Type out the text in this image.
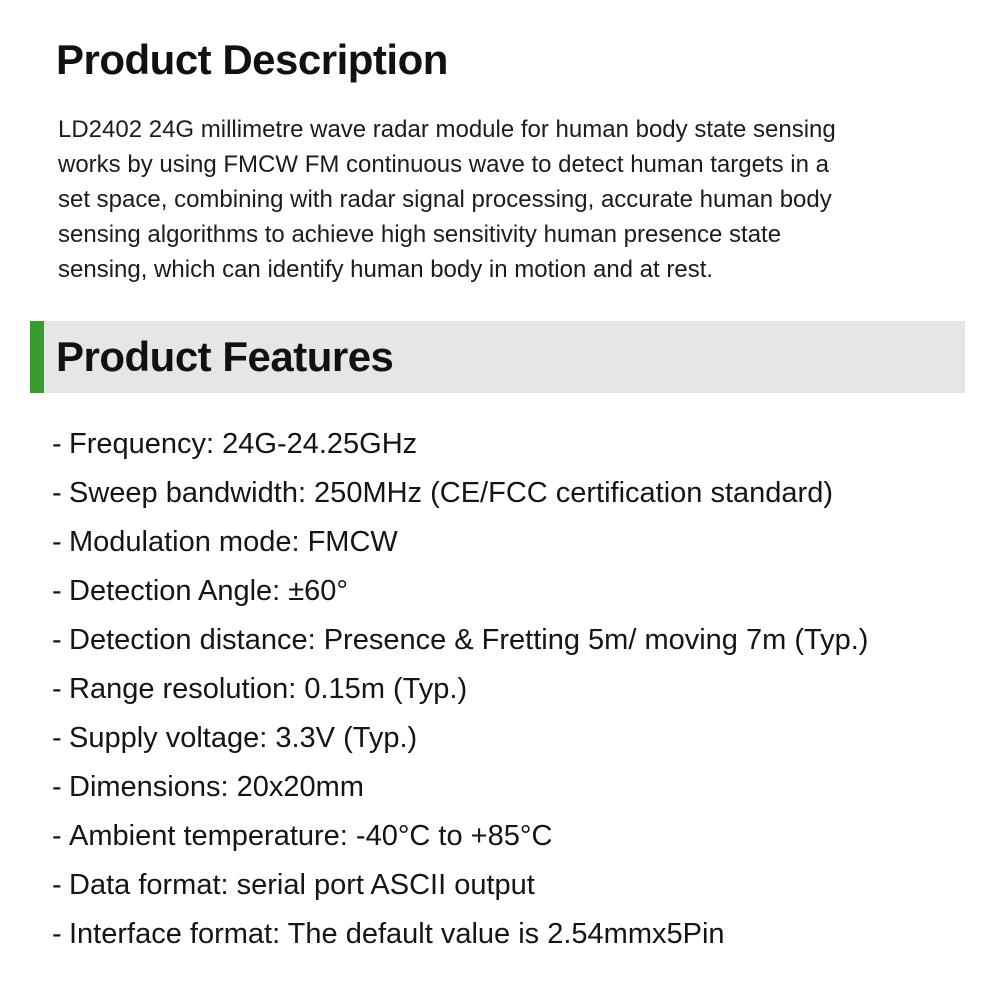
Product Description
LD2402 24G millimetre wave radar module for human body state sensing
works by using FMCW FM continuous wave to detect human targets in a
set space, combining with radar signal processing, accurate human body
sensing algorithms to achieve high sensitivity human presence state
sensing, which can identify human body in motion and at rest.
Product Features
- Frequency: 24G-24.25GHz
- Sweep bandwidth: 250MHz (CE/FCC certification standard)
- Modulation mode: FMCW
- Detection Angle: ±60°
- Detection distance: Presence & Fretting 5m/ moving 7m (Typ.)
- Range resolution: 0.15m (Typ.)
- Supply voltage: 3.3V (Typ.)
- Dimensions: 20x20mm
- Ambient temperature: -40°C to +85°C
- Data format: serial port ASCII output
- Interface format: The default value is 2.54mmx5Pin
